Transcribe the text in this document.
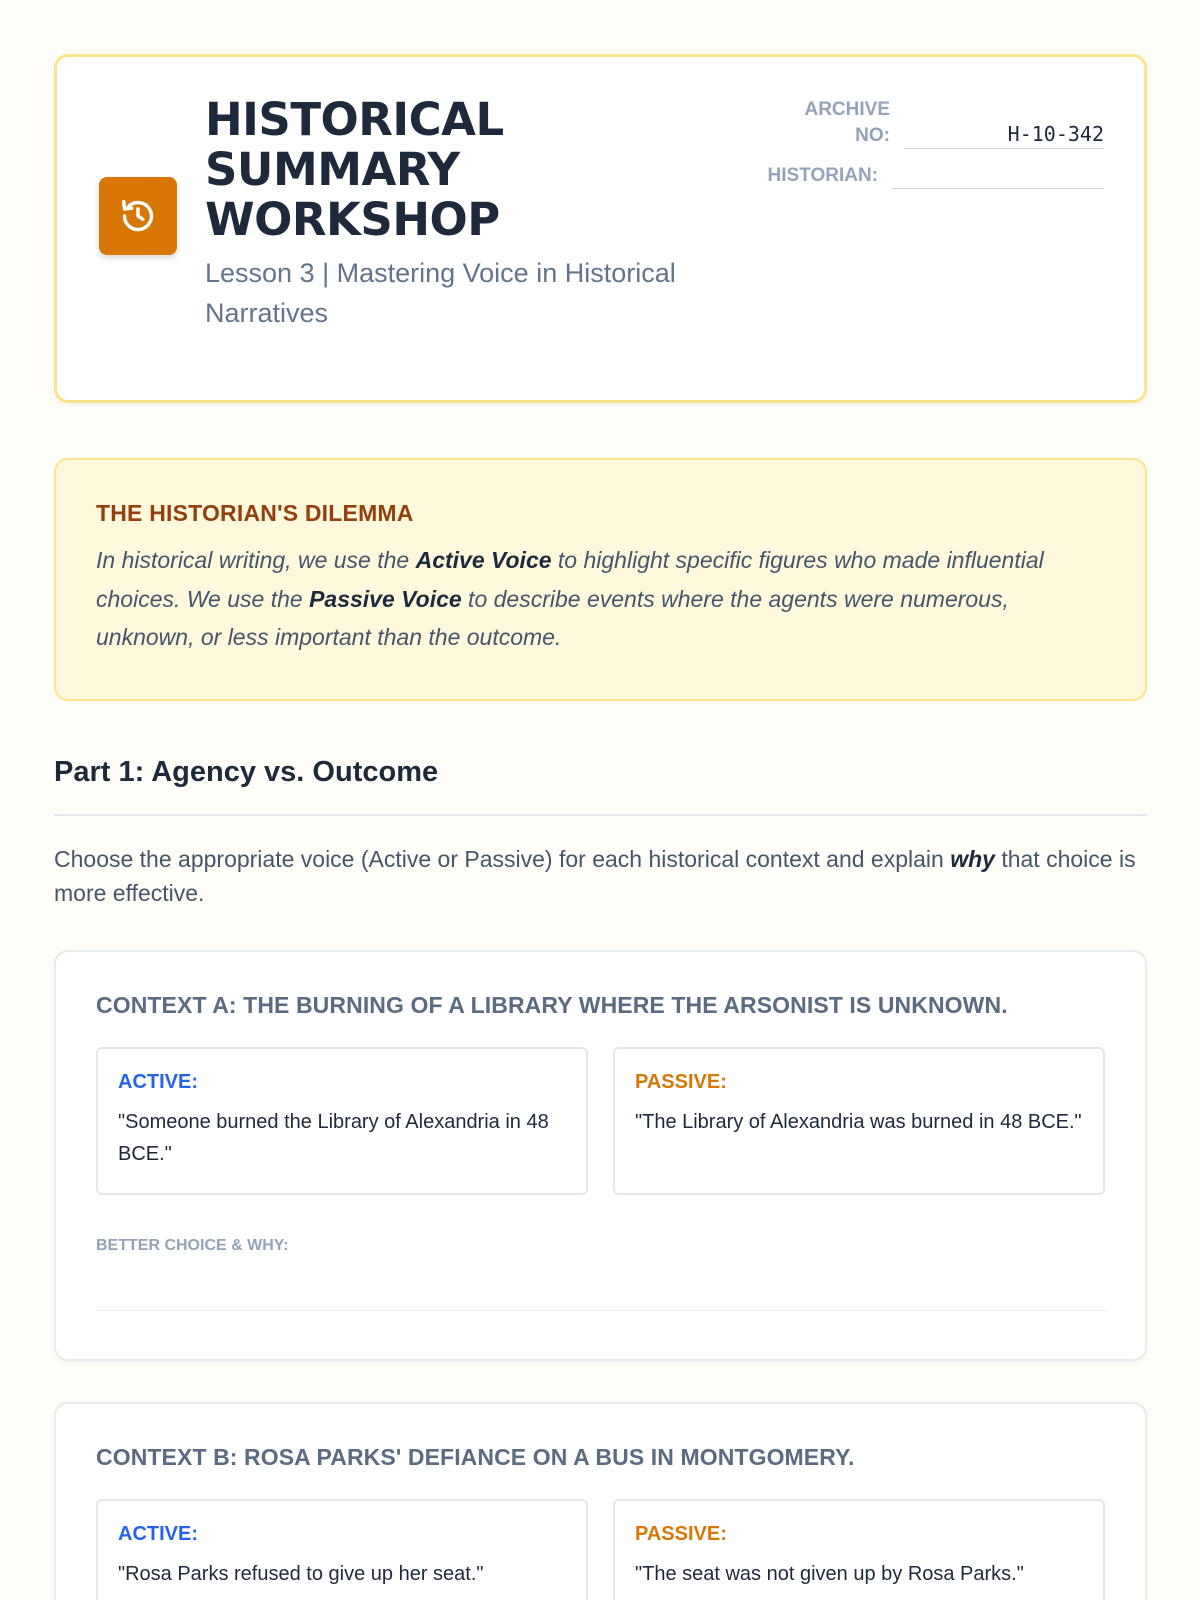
HISTORICAL
SUMMARY
WORKSHOP
Lesson 3 | Mastering Voice in Historical Narratives
ARCHIVE NO:	H-10-342
HISTORIAN:
THE HISTORIAN'S DILEMMA

In historical writing, we use the Active Voice to highlight specific figures who made influential choices. We use the Passive Voice to describe events where the agents were numerous, unknown, or less important than the outcome.

Part 1: Agency vs. Outcome

Choose the appropriate voice (Active or Passive) for each historical context and explain why that choice is more effective.

CONTEXT A: THE BURNING OF A LIBRARY WHERE THE ARSONIST IS UNKNOWN.
ACTIVE:
"Someone burned the Library of Alexandria in 48 BCE."
PASSIVE:
"The Library of Alexandria was burned in 48 BCE."
BETTER CHOICE & WHY:
CONTEXT B: ROSA PARKS' DEFIANCE ON A BUS IN MONTGOMERY.
ACTIVE:
"Rosa Parks refused to give up her seat."
PASSIVE:
"The seat was not given up by Rosa Parks."
